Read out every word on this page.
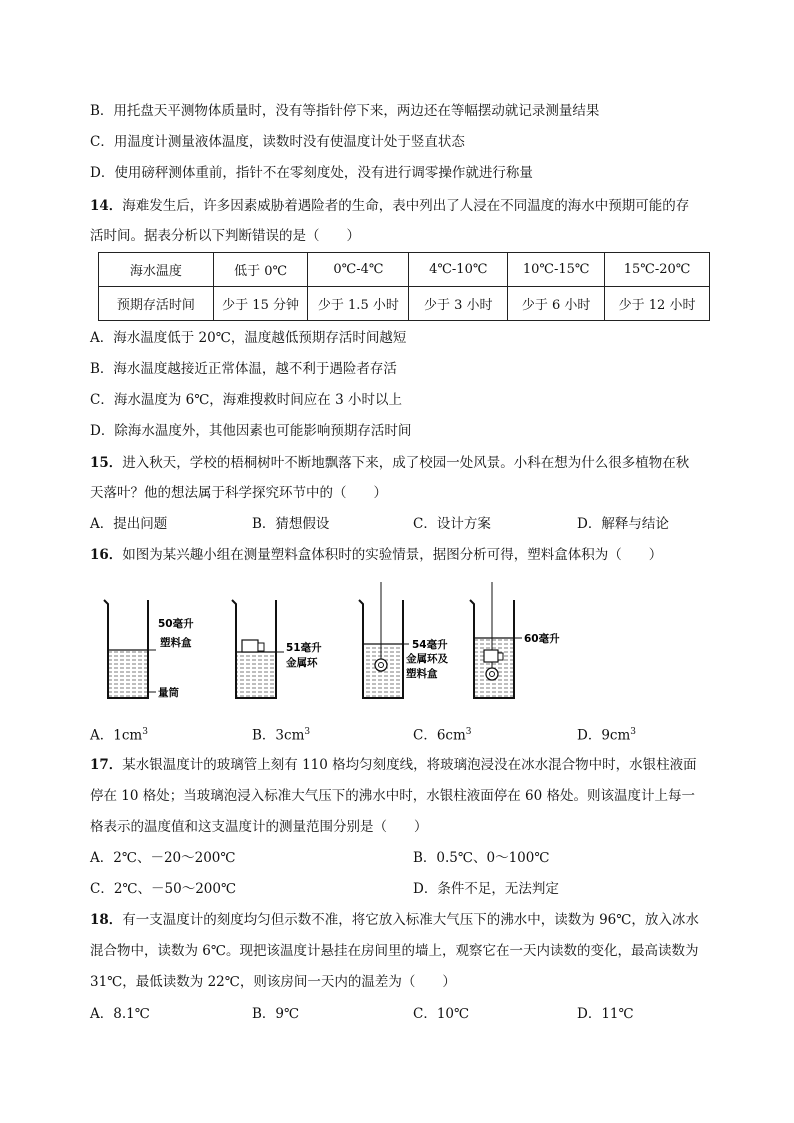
B．用托盘天平测物体质量时，没有等指针停下来，两边还在等幅摆动就记录测量结果
C．用温度计测量液体温度，读数时没有使温度计处于竖直状态
D．使用磅秤测体重前，指针不在零刻度处，没有进行调零操作就进行称量
14．海难发生后，许多因素威胁着遇险者的生命，表中列出了人浸在不同温度的海水中预期可能的存
活时间。据表分析以下判断错误的是（　　）
海水温度	低于 0℃	0℃-4℃	4℃-10℃	10℃-15℃	15℃-20℃
预期存活时间	少于 15 分钟	少于 1.5 小时	少于 3 小时	少于 6 小时	少于 12 小时
A．海水温度低于 20℃，温度越低预期存活时间越短
B．海水温度越接近正常体温，越不利于遇险者存活
C．海水温度为 6℃，海难搜救时间应在 3 小时以上
D．除海水温度外，其他因素也可能影响预期存活时间
15．进入秋天，学校的梧桐树叶不断地飘落下来，成了校园一处风景。小科在想为什么很多植物在秋
天落叶？他的想法属于科学探究环节中的（　　）
A．提出问题	B．猜想假设	C．设计方案	D．解释与结论
16．如图为某兴趣小组在测量塑料盒体积时的实验情景，据图分析可得，塑料盒体积为（　　）
50毫升
塑料盒
量筒
51毫升
金属环
54毫升
金属环及
塑料盒
60毫升
A．$1cm^3$	B．$3cm^3$	C．$6cm^3$	D．$9cm^3$
17．某水银温度计的玻璃管上刻有 110 格均匀刻度线，将玻璃泡浸没在冰水混合物中时，水银柱液面
停在 10 格处；当玻璃泡浸入标准大气压下的沸水中时，水银柱液面停在 60 格处。则该温度计上每一
格表示的温度值和这支温度计的测量范围分别是（　　）
A．2℃、－20～200℃	B．0.5℃、0～100℃
C．2℃、－50～200℃	D．条件不足，无法判定
18．有一支温度计的刻度均匀但示数不准，将它放入标准大气压下的沸水中，读数为 96℃，放入冰水
混合物中，读数为 6℃。现把该温度计悬挂在房间里的墙上，观察它在一天内读数的变化，最高读数为
31℃，最低读数为 22℃，则该房间一天内的温差为（　　）
A．8.1℃	B．9℃	C．10℃	D．11℃
